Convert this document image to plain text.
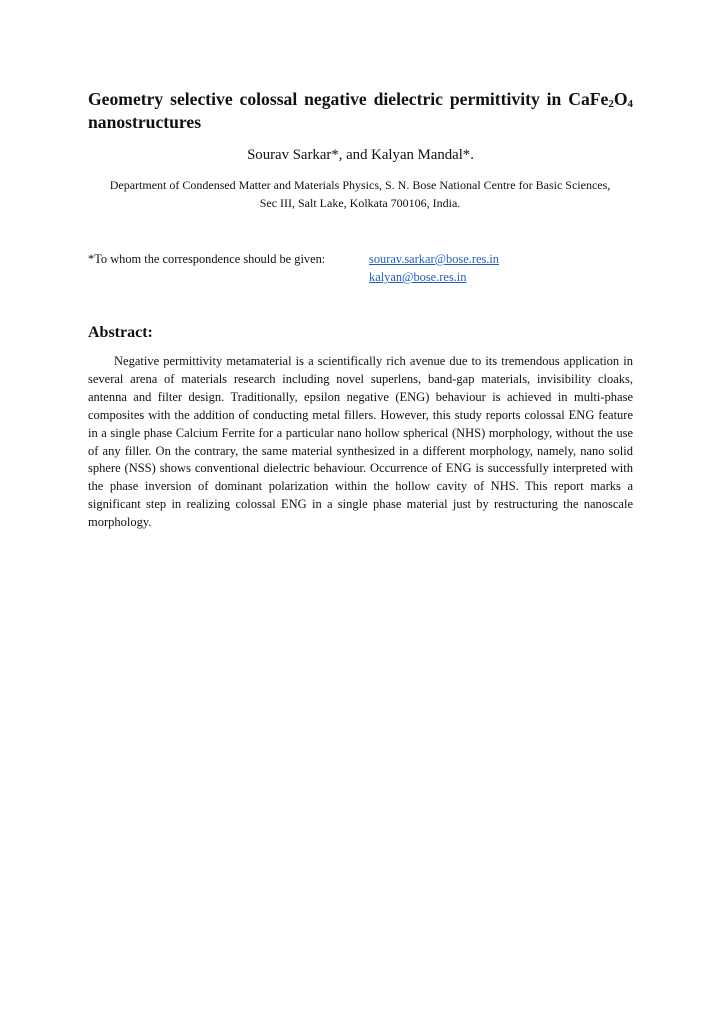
Geometry selective colossal negative dielectric permittivity in $CaFe_2O_4$ nanostructures
Sourav Sarkar*, and Kalyan Mandal*.
Department of Condensed Matter and Materials Physics, S. N. Bose National Centre for Basic Sciences, Sec III, Salt Lake, Kolkata 700106, India.
*To whom the correspondence should be given:	sourav.sarkar@bose.res.in
kalyan@bose.res.in
Abstract:
Negative permittivity metamaterial is a scientifically rich avenue due to its tremendous application in several arena of materials research including novel superlens, band-gap materials, invisibility cloaks, antenna and filter design. Traditionally, epsilon negative (ENG) behaviour is achieved in multi-phase composites with the addition of conducting metal fillers. However, this study reports colossal ENG feature in a single phase Calcium Ferrite for a particular nano hollow spherical (NHS) morphology, without the use of any filler. On the contrary, the same material synthesized in a different morphology, namely, nano solid sphere (NSS) shows conventional dielectric behaviour. Occurrence of ENG is successfully interpreted with the phase inversion of dominant polarization within the hollow cavity of NHS. This report marks a significant step in realizing colossal ENG in a single phase material just by restructuring the nanoscale morphology.
